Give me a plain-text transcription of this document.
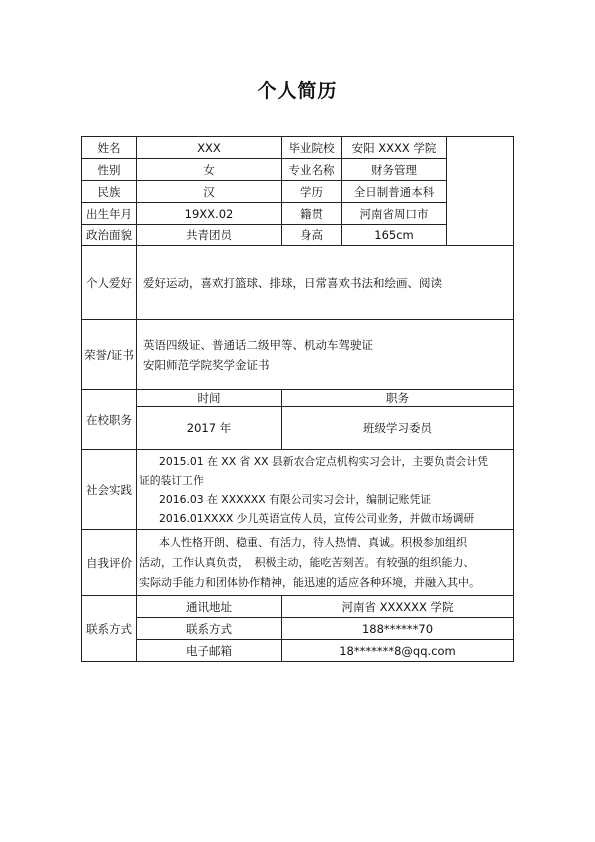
个人简历
姓名	XXX	毕业院校	安阳 XXXX 学院	
性别	女	专业名称	财务管理	
民族	汉	学历	全日制普通本科	
出生年月	19XX.02	籍贯	河南省周口市	
政治面貌	共青团员	身高	165cm	
个人爱好	爱好运动，喜欢打篮球、排球，日常喜欢书法和绘画、阅读			
荣誉/证书	英语四级证、普通话二级甲等、机动车驾驶证
安阳师范学院奖学金证书			

在校职务	时间	职务		
	2017 年	班级学习委员		
社会实践	2015.01 在 XX 省 XX 县新农合定点机构实习会计，主要负责会计凭
证的装订工作
2016.03 在 XXXXXX 有限公司实习会计，编制记账凭证
2016.01XXXX 少儿英语宣传人员，宣传公司业务，并做市场调研			

自我评价	本人性格开朗、稳重、有活力，待人热情、真诚。积极参加组织
活动，工作认真负责，　积极主动，能吃苦刻苦。有较强的组织能力、
实际动手能力和团体协作精神，能迅速的适应各种环境，并融入其中。			

联系方式	通讯地址	河南省 XXXXXX 学院		
	联系方式	188******70		
	电子邮箱	18*******8@qq.com		
